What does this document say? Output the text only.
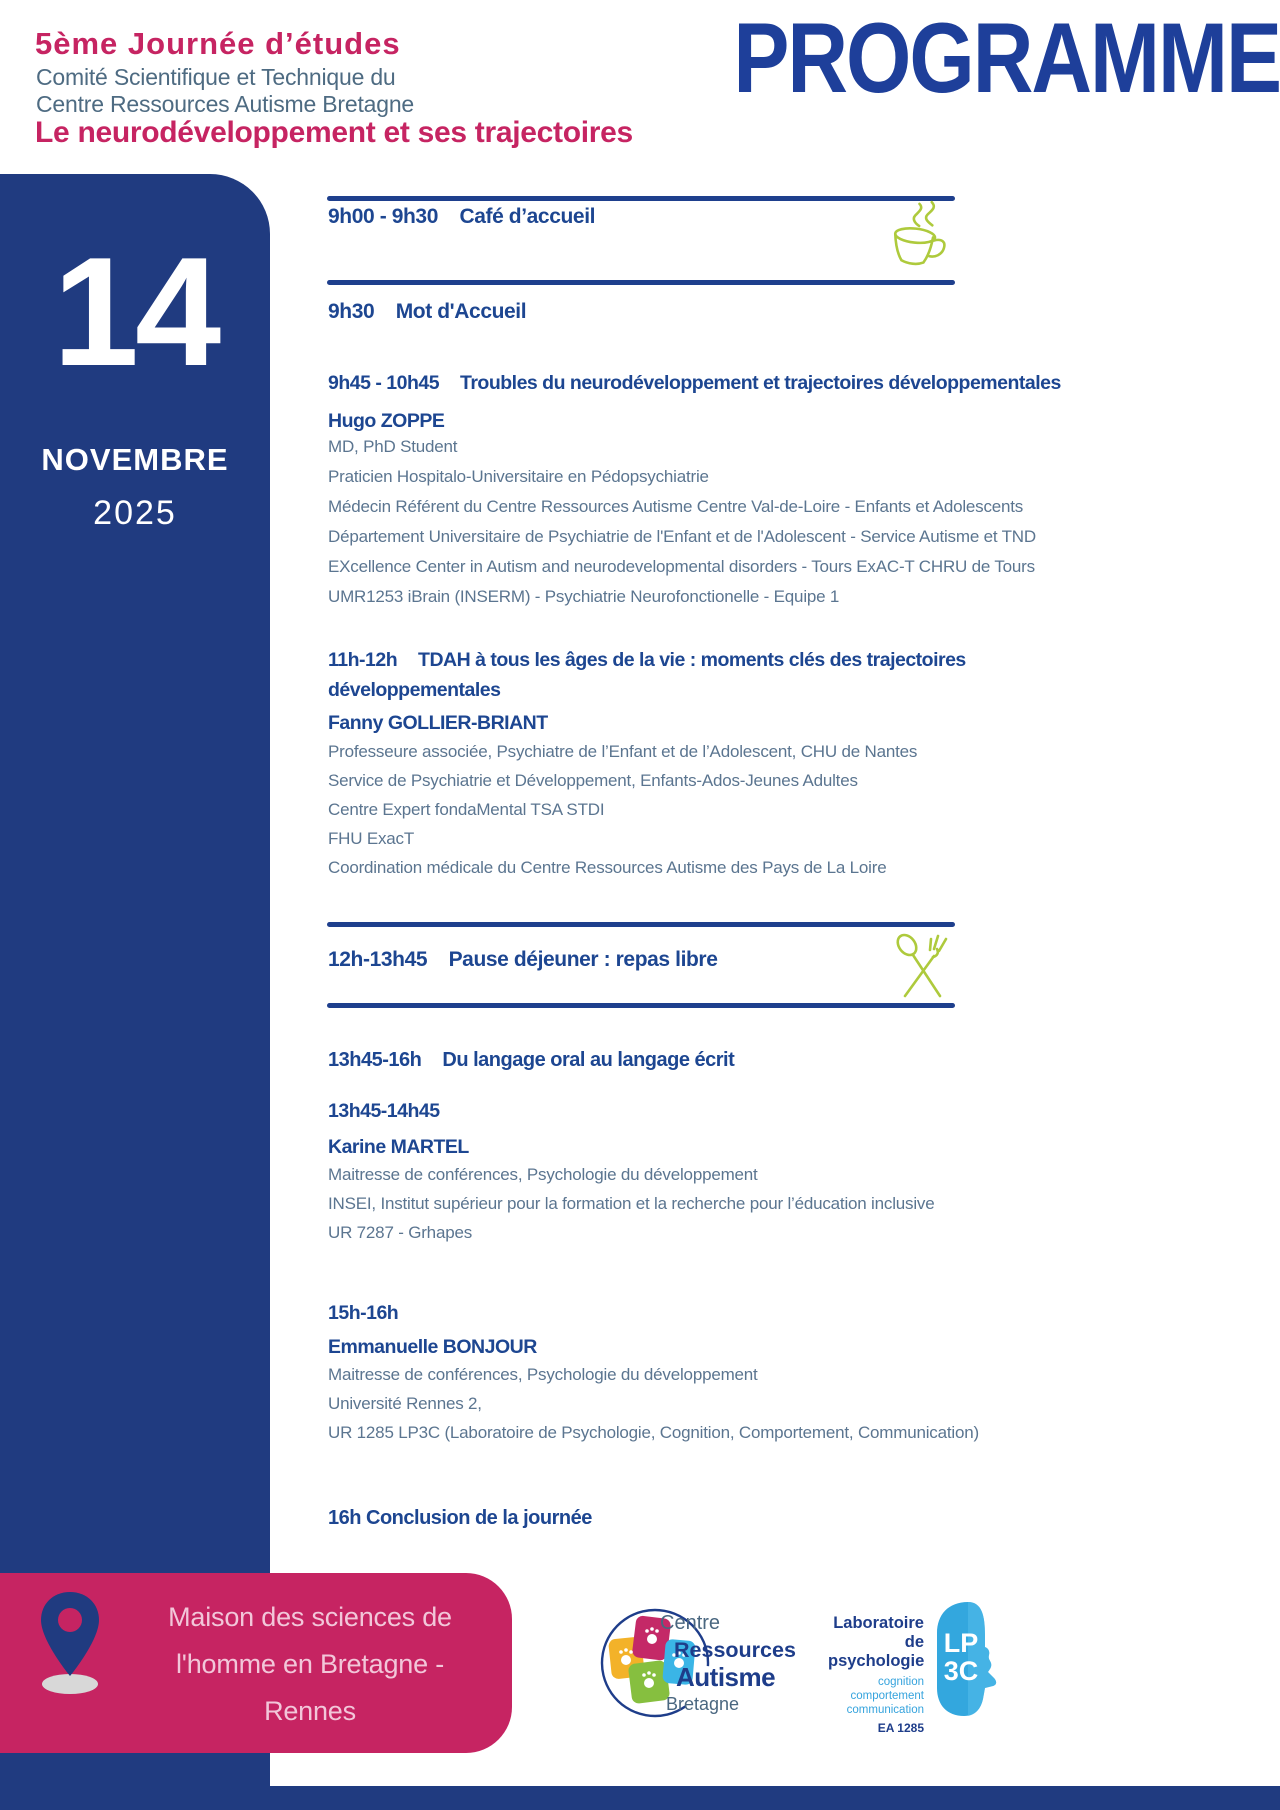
5ème Journée d’études
Comité Scientifique et Technique du
Centre Ressources Autisme Bretagne
Le neurodéveloppement et ses trajectoires
PROGRAMME
14
NOVEMBRE
2025
9h00 - 9h30 Café d’accueil
9h30 Mot d'Accueil
9h45 - 10h45 Troubles du neurodéveloppement et trajectoires développementales
Hugo ZOPPE
MD, PhD Student
Praticien Hospitalo-Universitaire en Pédopsychiatrie
Médecin Référent du Centre Ressources Autisme Centre Val-de-Loire - Enfants et Adolescents
Département Universitaire de Psychiatrie de l'Enfant et de l'Adolescent - Service Autisme et TND
EXcellence Center in Autism and neurodevelopmental disorders - Tours ExAC-T CHRU de Tours
UMR1253 iBrain (INSERM) - Psychiatrie Neurofonctionelle - Equipe 1
11h-12h TDAH à tous les âges de la vie : moments clés des trajectoires développementales
Fanny GOLLIER-BRIANT
Professeure associée, Psychiatre de l’Enfant et de l’Adolescent, CHU de Nantes
Service de Psychiatrie et Développement, Enfants-Ados-Jeunes Adultes
Centre Expert fondaMental TSA STDI
FHU ExacT
Coordination médicale du Centre Ressources Autisme des Pays de La Loire
12h-13h45 Pause déjeuner : repas libre
13h45-16h Du langage oral au langage écrit
13h45-14h45
Karine MARTEL
Maitresse de conférences, Psychologie du développement
INSEI, Institut supérieur pour la formation et la recherche pour l’éducation inclusive
UR 7287 - Grhapes
15h-16h
Emmanuelle BONJOUR
Maitresse de conférences, Psychologie du développement
Université Rennes 2,
UR 1285 LP3C (Laboratoire de Psychologie, Cognition, Comportement, Communication)
16h Conclusion de la journée
Maison des sciences de
l'homme en Bretagne -
Rennes
Centre
Ressources
Autisme
Bretagne
Laboratoire
de psychologie
cognition
comportement
communication
EA 1285
LP
3C
